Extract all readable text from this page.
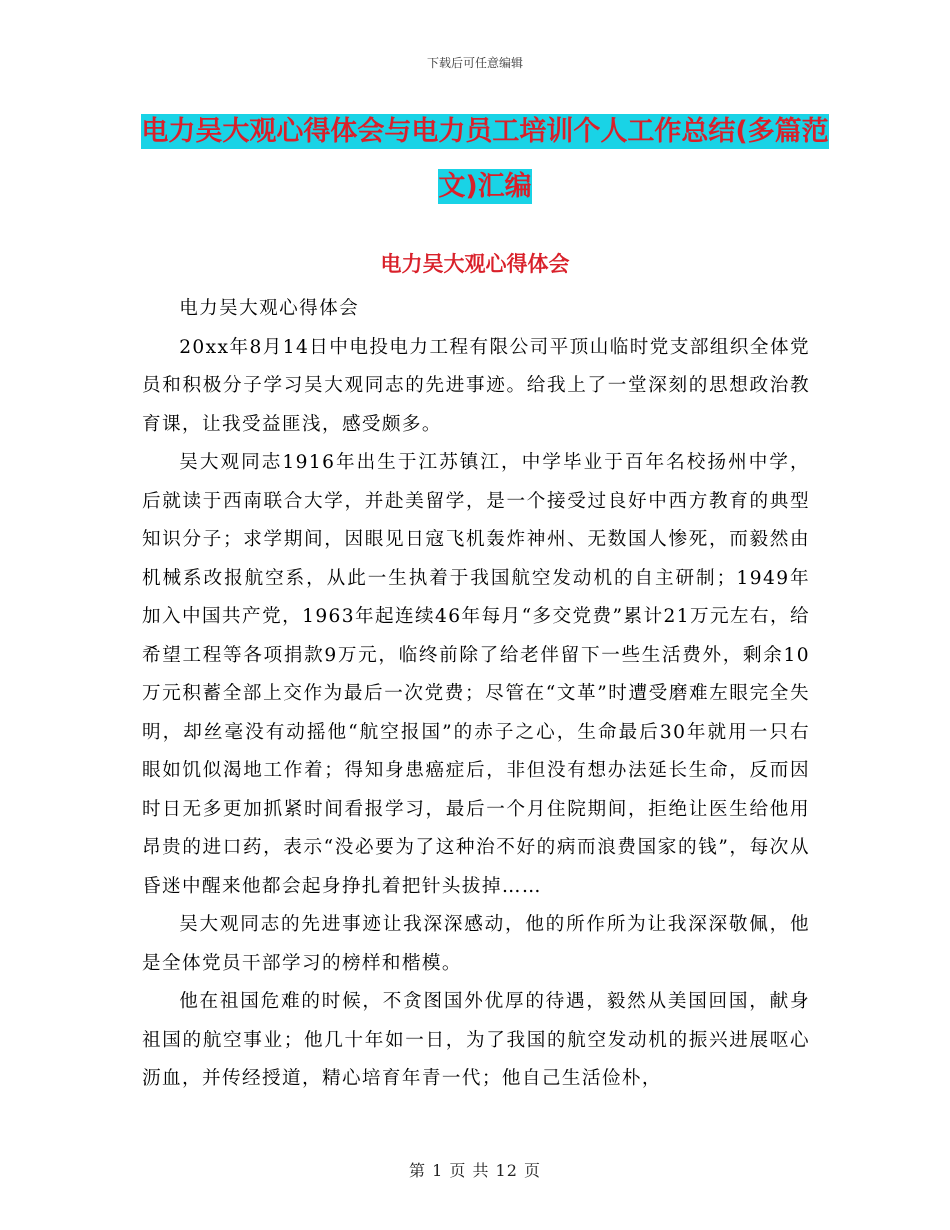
下载后可任意编辑
电力吴大观心得体会与电力员工培训个人工作总结(多篇范文)汇编
电力吴大观心得体会

电力吴大观心得体会

20xx年8月14日中电投电力工程有限公司平顶山临时党支部组织全体党员和积极分子学习吴大观同志的先进事迹。给我上了一堂深刻的思想政治教育课，让我受益匪浅，感受颇多。

吴大观同志1916年出生于江苏镇江，中学毕业于百年名校扬州中学，后就读于西南联合大学，并赴美留学，是一个接受过良好中西方教育的典型知识分子；求学期间，因眼见日寇飞机轰炸神州、无数国人惨死，而毅然由机械系改报航空系，从此一生执着于我国航空发动机的自主研制；1949年加入中国共产党，1963年起连续46年每月“多交党费”累计21万元左右，给希望工程等各项捐款9万元，临终前除了给老伴留下一些生活费外，剩余10万元积蓄全部上交作为最后一次党费；尽管在“文革”时遭受磨难左眼完全失明，却丝毫没有动摇他“航空报国”的赤子之心，生命最后30年就用一只右眼如饥似渴地工作着；得知身患癌症后，非但没有想办法延长生命，反而因时日无多更加抓紧时间看报学习，最后一个月住院期间，拒绝让医生给他用昂贵的进口药，表示“没必要为了这种治不好的病而浪费国家的钱”，每次从昏迷中醒来他都会起身挣扎着把针头拔掉……

吴大观同志的先进事迹让我深深感动，他的所作所为让我深深敬佩，他是全体党员干部学习的榜样和楷模。

他在祖国危难的时候，不贪图国外优厚的待遇，毅然从美国回国，献身祖国的航空事业；他几十年如一日，为了我国的航空发动机的振兴进展呕心沥血，并传经授道，精心培育年青一代；他自己生活俭朴，

第 1 页 共 12 页
